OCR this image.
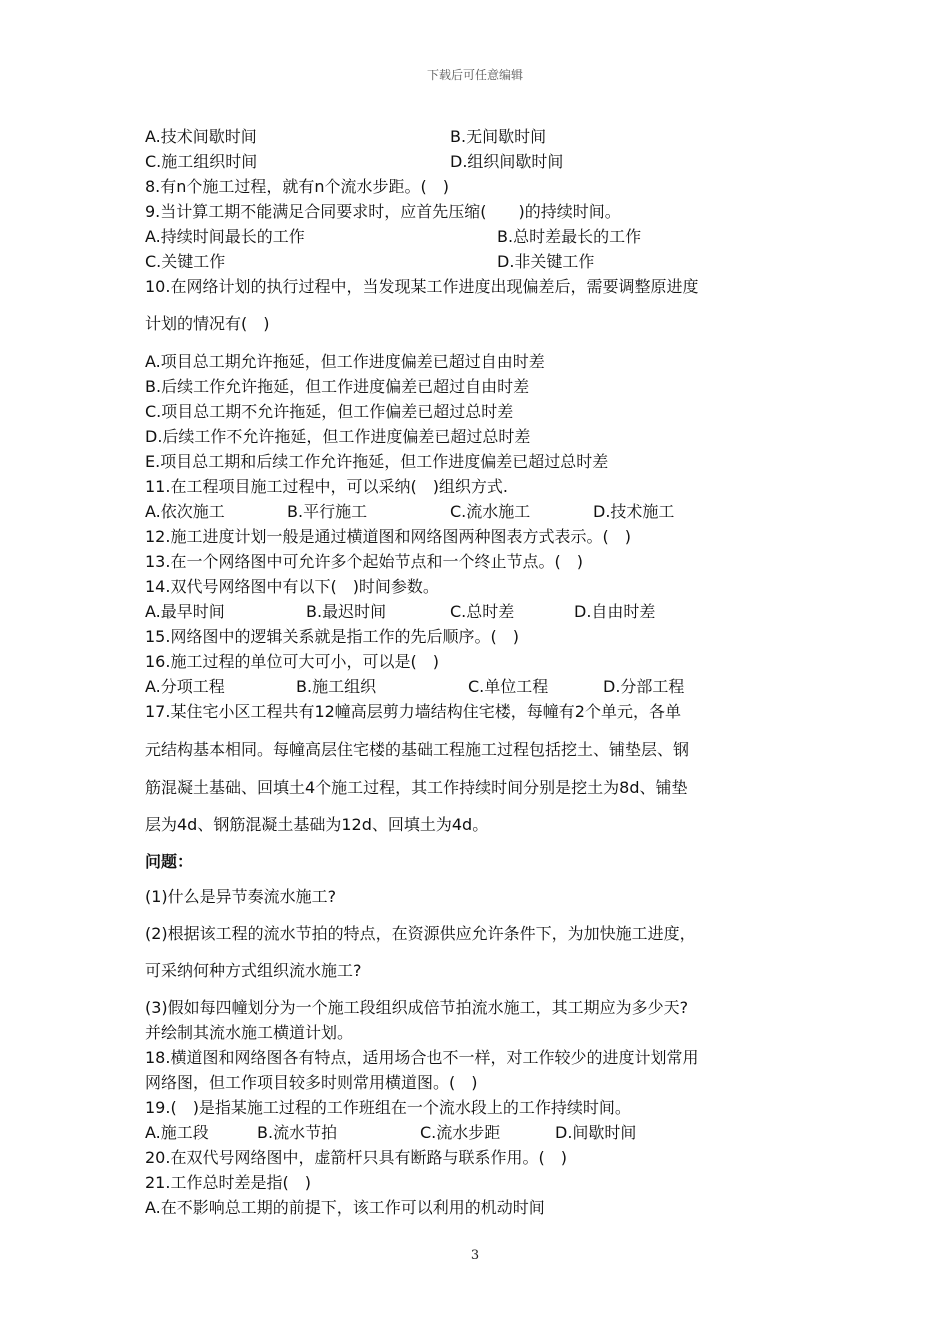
下载后可任意编辑
A.技术间歇时间	B.无间歇时间
C.施工组织时间	D.组织间歇时间
8.有n个施工过程，就有n个流水步距。(　)
9.当计算工期不能满足合同要求时，应首先压缩(　　)的持续时间。
A.持续时间最长的工作	B.总时差最长的工作
C.关键工作	D.非关键工作
10.在网络计划的执行过程中，当发现某工作进度出现偏差后，需要调整原进度
计划的情况有(　)
A.项目总工期允许拖延，但工作进度偏差已超过自由时差
B.后续工作允许拖延，但工作进度偏差已超过自由时差
C.项目总工期不允许拖延，但工作偏差已超过总时差
D.后续工作不允许拖延，但工作进度偏差已超过总时差
E.项目总工期和后续工作允许拖延，但工作进度偏差已超过总时差
11.在工程项目施工过程中，可以采纳(　)组织方式.
A.依次施工	B.平行施工	C.流水施工	D.技术施工
12.施工进度计划一般是通过横道图和网络图两种图表方式表示。(　)
13.在一个网络图中可允许多个起始节点和一个终止节点。(　)
14.双代号网络图中有以下(　)时间参数。
A.最早时间	B.最迟时间	C.总时差	D.自由时差
15.网络图中的逻辑关系就是指工作的先后顺序。(　)
16.施工过程的单位可大可小，可以是(　)
A.分项工程	B.施工组织	C.单位工程	D.分部工程
17.某住宅小区工程共有12幢高层剪力墙结构住宅楼，每幢有2个单元，各单
元结构基本相同。每幢高层住宅楼的基础工程施工过程包括挖土、铺垫层、钢
筋混凝土基础、回填土4个施工过程，其工作持续时间分别是挖土为8d、铺垫
层为4d、钢筋混凝土基础为12d、回填土为4d。
问题：
(1)什么是异节奏流水施工?
(2)根据该工程的流水节拍的特点，在资源供应允许条件下，为加快施工进度，
可采纳何种方式组织流水施工?
(3)假如每四幢划分为一个施工段组织成倍节拍流水施工，其工期应为多少天?
并绘制其流水施工横道计划。
18.横道图和网络图各有特点，适用场合也不一样，对工作较少的进度计划常用
网络图，但工作项目较多时则常用横道图。(　)
19.(　)是指某施工过程的工作班组在一个流水段上的工作持续时间。
A.施工段	B.流水节拍	C.流水步距	D.间歇时间
20.在双代号网络图中，虚箭杆只具有断路与联系作用。(　)
21.工作总时差是指(　)
A.在不影响总工期的前提下，该工作可以利用的机动时间
3
